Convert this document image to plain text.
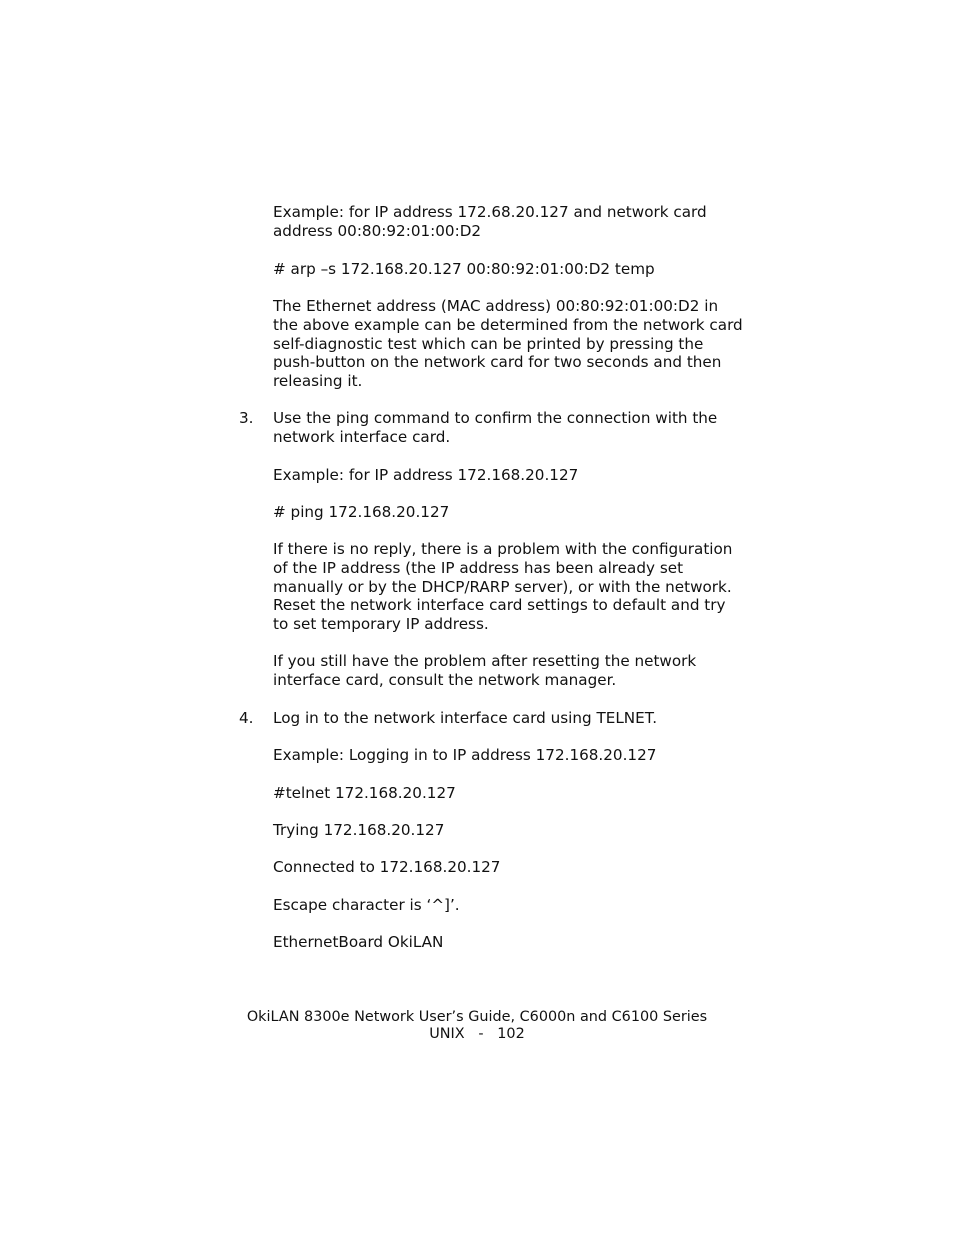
Example: for IP address 172.68.20.127 and network card
address 00:80:92:01:00:D2

# arp –s 172.168.20.127 00:80:92:01:00:D2 temp

The Ethernet address (MAC address) 00:80:92:01:00:D2 in
the above example can be determined from the network card
self-diagnostic test which can be printed by pressing the
push-button on the network card for two seconds and then
releasing it.

3. Use the ping command to confirm the connection with the
network interface card.

Example: for IP address 172.168.20.127

# ping 172.168.20.127

If there is no reply, there is a problem with the configuration
of the IP address (the IP address has been already set
manually or by the DHCP/RARP server), or with the network.
Reset the network interface card settings to default and try
to set temporary IP address.

If you still have the problem after resetting the network
interface card, consult the network manager.

4. Log in to the network interface card using TELNET.

Example: Logging in to IP address 172.168.20.127

#telnet 172.168.20.127

Trying 172.168.20.127

Connected to 172.168.20.127

Escape character is ‘^]’.

EthernetBoard OkiLAN

OkiLAN 8300e Network User’s Guide, C6000n and C6100 Series

UNIX   -   102
